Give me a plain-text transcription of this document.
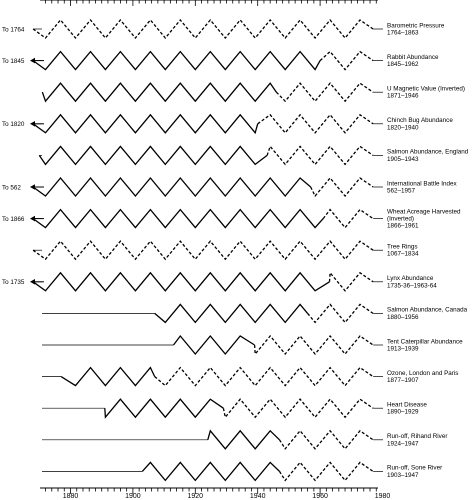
1880	1900	1920	1940	1960	1980
To 1764
Barometric Pressure
1764–1863
To 1845
Rabbit Abundance
1845–1962
U Magnetic Value (Inverted)
1871–1946
To 1820
Chinch Bug Abundance
1820–1940
Salmon Abundance, England
1905–1943
To 562
International Battle Index
562–1957
To 1866
Wheat Acreage Harvested
(Inverted)
1866–1961
Tree Rings
1067–1834
To 1735
Lynx Abundance
1735-36–1963-64
Salmon Abundance, Canada
1880–1956
Tent Caterpillar Abundance
1913–1939
Ozone, London and Paris
1877–1907
Heart Disease
1890–1929
Run-off, Rihand River
1924–1947
Run-off, Sone River
1903–1947
